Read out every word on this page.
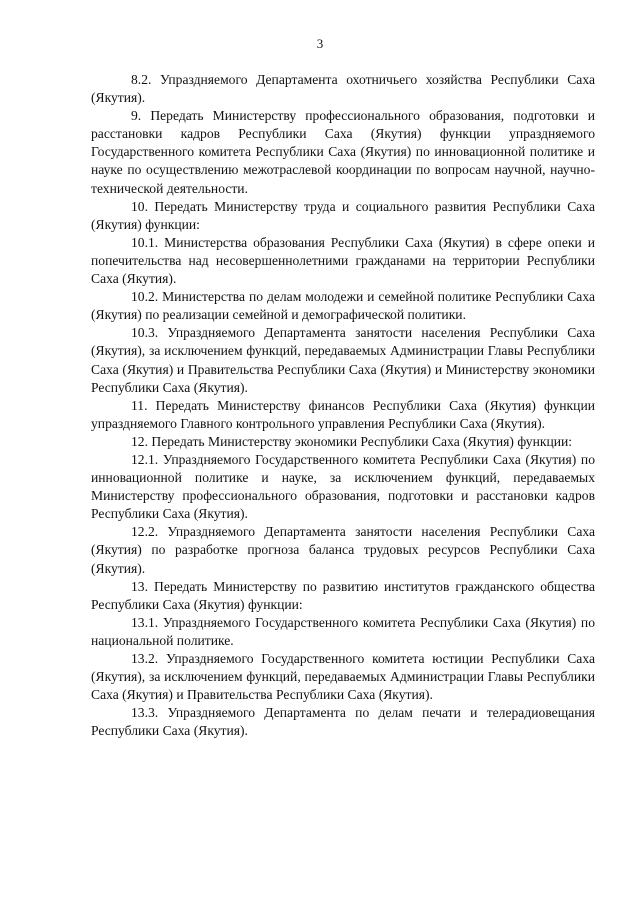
3

8.2. Упраздняемого Департамента охотничьего хозяйства Республики Саха (Якутия).

9. Передать Министерству профессионального образования, подготовки и расстановки кадров Республики Саха (Якутия) функции упраздняемого Государственного комитета Республики Саха (Якутия) по инновационной политике и науке по осуществлению межотраслевой координации по вопросам научной, научно-технической деятельности.

10. Передать Министерству труда и социального развития Республики Саха (Якутия) функции:

10.1. Министерства образования Республики Саха (Якутия) в сфере опеки и попечительства над несовершеннолетними гражданами на территории Республики Саха (Якутия).

10.2. Министерства по делам молодежи и семейной политике Республики Саха (Якутия) по реализации семейной и демографической политики.

10.3. Упраздняемого Департамента занятости населения Республики Саха (Якутия), за исключением функций, передаваемых Администрации Главы Республики Саха (Якутия) и Правительства Республики Саха (Якутия) и Министерству экономики Республики Саха (Якутия).

11. Передать Министерству финансов Республики Саха (Якутия) функции упраздняемого Главного контрольного управления Республики Саха (Якутия).

12. Передать Министерству экономики Республики Саха (Якутия) функции:

12.1. Упраздняемого Государственного комитета Республики Саха (Якутия) по инновационной политике и науке, за исключением функций, передаваемых Министерству профессионального образования, подготовки и расстановки кадров Республики Саха (Якутия).

12.2. Упраздняемого Департамента занятости населения Республики Саха (Якутия) по разработке прогноза баланса трудовых ресурсов Республики Саха (Якутия).

13. Передать Министерству по развитию институтов гражданского общества Республики Саха (Якутия) функции:

13.1. Упраздняемого Государственного комитета Республики Саха (Якутия) по национальной политике.

13.2. Упраздняемого Государственного комитета юстиции Республики Саха (Якутия), за исключением функций, передаваемых Администрации Главы Республики Саха (Якутия) и Правительства Республики Саха (Якутия).

13.3. Упраздняемого Департамента по делам печати и телерадиовещания Республики Саха (Якутия).
